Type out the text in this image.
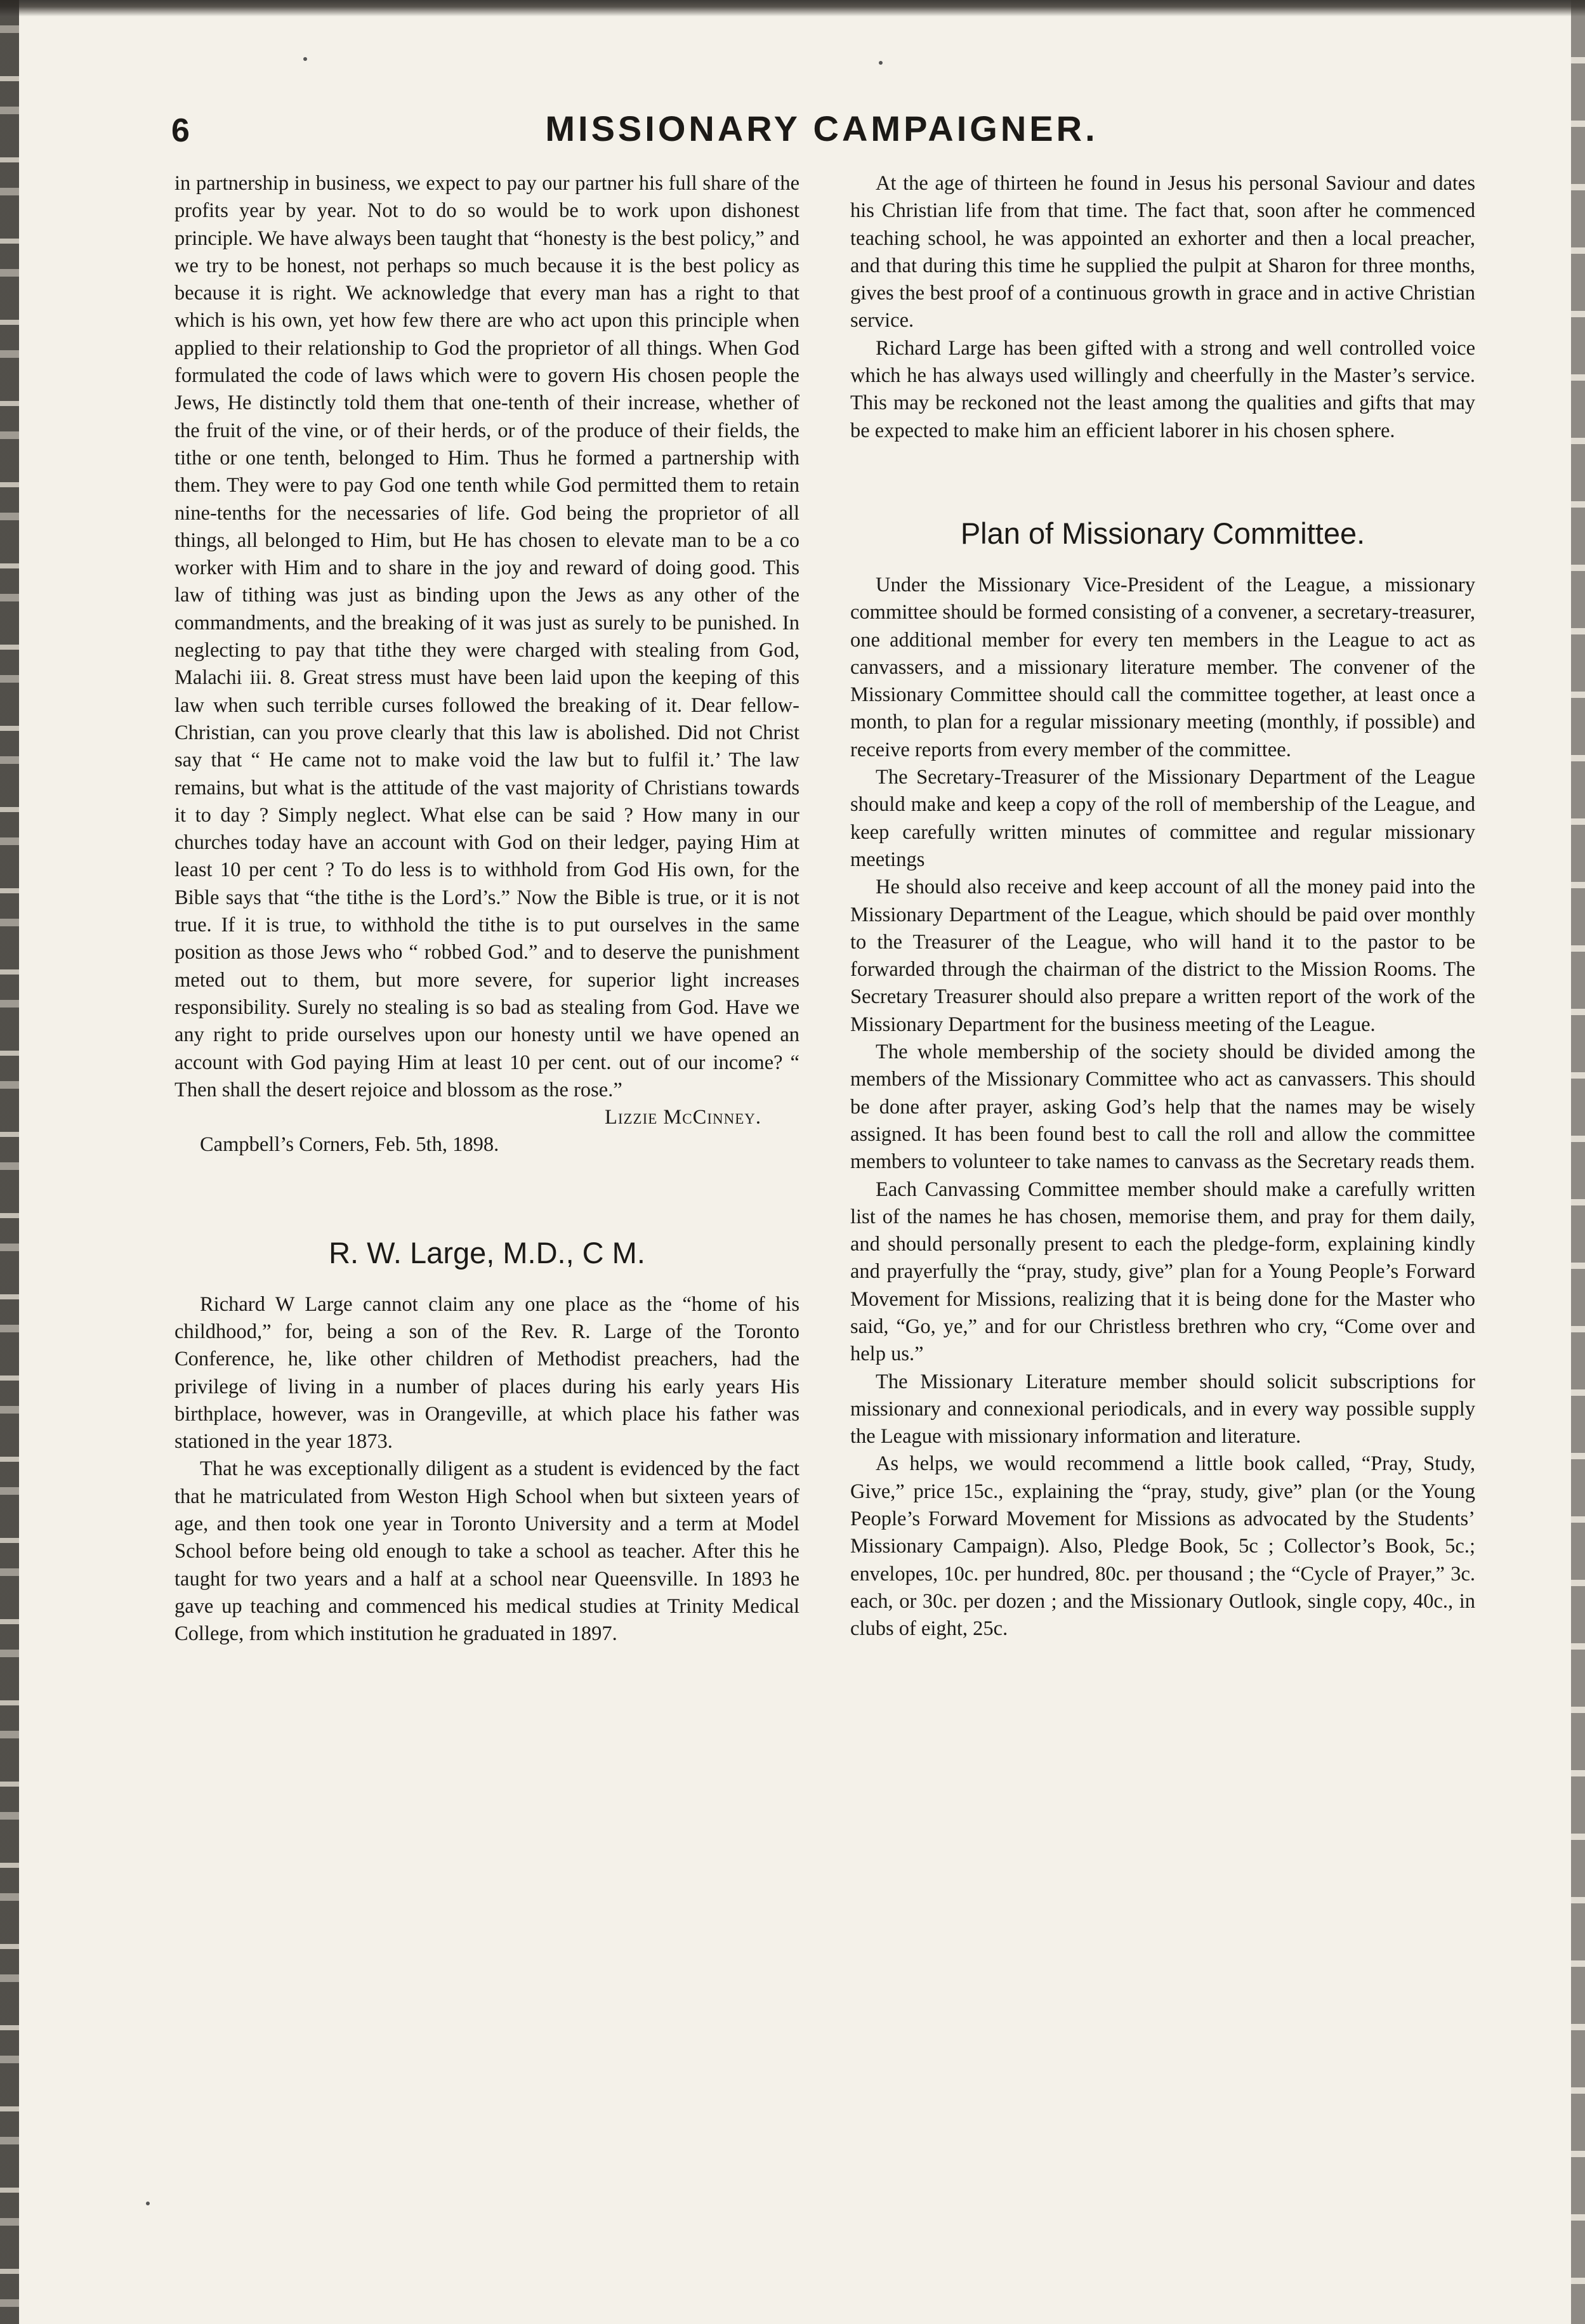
6	MISSIONARY CAMPAIGNER.

in partnership in business, we expect to pay our partner his full share of the profits year by year. Not to do so would be to work upon dishonest principle. We have always been taught that “honesty is the best policy,” and we try to be honest, not perhaps so much because it is the best policy as because it is right. We acknowledge that every man has a right to that which is his own, yet how few there are who act upon this principle when applied to their relationship to God the proprietor of all things. When God formulated the code of laws which were to govern His chosen people the Jews, He distinctly told them that one-tenth of their increase, whether of the fruit of the vine, or of their herds, or of the produce of their fields, the tithe or one tenth, belonged to Him. Thus he formed a partnership with them. They were to pay God one tenth while God permitted them to retain nine-tenths for the necessaries of life. God being the proprietor of all things, all belonged to Him, but He has chosen to elevate man to be a co worker with Him and to share in the joy and reward of doing good. This law of tithing was just as binding upon the Jews as any other of the commandments, and the breaking of it was just as surely to be punished. In neglecting to pay that tithe they were charged with stealing from God, Malachi iii. 8. Great stress must have been laid upon the keeping of this law when such terrible curses followed the breaking of it. Dear fellow-Christian, can you prove clearly that this law is abolished. Did not Christ say that “ He came not to make void the law but to fulfil it.’ The law remains, but what is the attitude of the vast majority of Christians towards it to day ? Simply neglect. What else can be said ? How many in our churches today have an account with God on their ledger, paying Him at least 10 per cent ? To do less is to withhold from God His own, for the Bible says that “the tithe is the Lord’s.” Now the Bible is true, or it is not true. If it is true, to withhold the tithe is to put ourselves in the same position as those Jews who “ robbed God.” and to deserve the punishment meted out to them, but more severe, for superior light increases responsibility. Surely no stealing is so bad as stealing from God. Have we any right to pride ourselves upon our honesty until we have opened an account with God paying Him at least 10 per cent. out of our income? “ Then shall the desert rejoice and blossom as the rose.”

Lizzie McCinney.

Campbell’s Corners, Feb. 5th, 1898.

R. W. Large, M.D., C M.

Richard W Large cannot claim any one place as the “home of his childhood,” for, being a son of the Rev. R. Large of the Toronto Conference, he, like other children of Methodist preachers, had the privilege of living in a number of places during his early years His birthplace, however, was in Orangeville, at which place his father was stationed in the year 1873.

That he was exceptionally diligent as a student is evidenced by the fact that he matriculated from Weston High School when but sixteen years of age, and then took one year in Toronto University and a term at Model School before being old enough to take a school as teacher. After this he taught for two years and a half at a school near Queensville. In 1893 he gave up teaching and commenced his medical studies at Trinity Medical College, from which institution he graduated in 1897.

At the age of thirteen he found in Jesus his personal Saviour and dates his Christian life from that time. The fact that, soon after he commenced teaching school, he was appointed an exhorter and then a local preacher, and that during this time he supplied the pulpit at Sharon for three months, gives the best proof of a continuous growth in grace and in active Christian service.

Richard Large has been gifted with a strong and well controlled voice which he has always used willingly and cheerfully in the Master’s service. This may be reckoned not the least among the qualities and gifts that may be expected to make him an efficient laborer in his chosen sphere.

Plan of Missionary Committee.

Under the Missionary Vice-President of the League, a missionary committee should be formed consisting of a convener, a secretary-treasurer, one additional member for every ten members in the League to act as canvassers, and a missionary literature member. The convener of the Missionary Committee should call the committee together, at least once a month, to plan for a regular missionary meeting (monthly, if possible) and receive reports from every member of the committee.

The Secretary-Treasurer of the Missionary Department of the League should make and keep a copy of the roll of membership of the League, and keep carefully written minutes of committee and regular missionary meetings

He should also receive and keep account of all the money paid into the Missionary Department of the League, which should be paid over monthly to the Treasurer of the League, who will hand it to the pastor to be forwarded through the chairman of the district to the Mission Rooms. The Secretary Treasurer should also prepare a written report of the work of the Missionary Department for the business meeting of the League.

The whole membership of the society should be divided among the members of the Missionary Committee who act as canvassers. This should be done after prayer, asking God’s help that the names may be wisely assigned. It has been found best to call the roll and allow the committee members to volunteer to take names to canvass as the Secretary reads them.

Each Canvassing Committee member should make a carefully written list of the names he has chosen, memorise them, and pray for them daily, and should personally present to each the pledge-form, explaining kindly and prayerfully the “pray, study, give” plan for a Young People’s Forward Movement for Missions, realizing that it is being done for the Master who said, “Go, ye,” and for our Christless brethren who cry, “Come over and help us.”

The Missionary Literature member should solicit subscriptions for missionary and connexional periodicals, and in every way possible supply the League with missionary information and literature.

As helps, we would recommend a little book called, “Pray, Study, Give,” price 15c., explaining the “pray, study, give” plan (or the Young People’s Forward Movement for Missions as advocated by the Students’ Missionary Campaign). Also, Pledge Book, 5c ; Collector’s Book, 5c.; envelopes, 10c. per hundred, 80c. per thousand ; the “Cycle of Prayer,” 3c. each, or 30c. per dozen ; and the Missionary Outlook, single copy, 40c., in clubs of eight, 25c.
